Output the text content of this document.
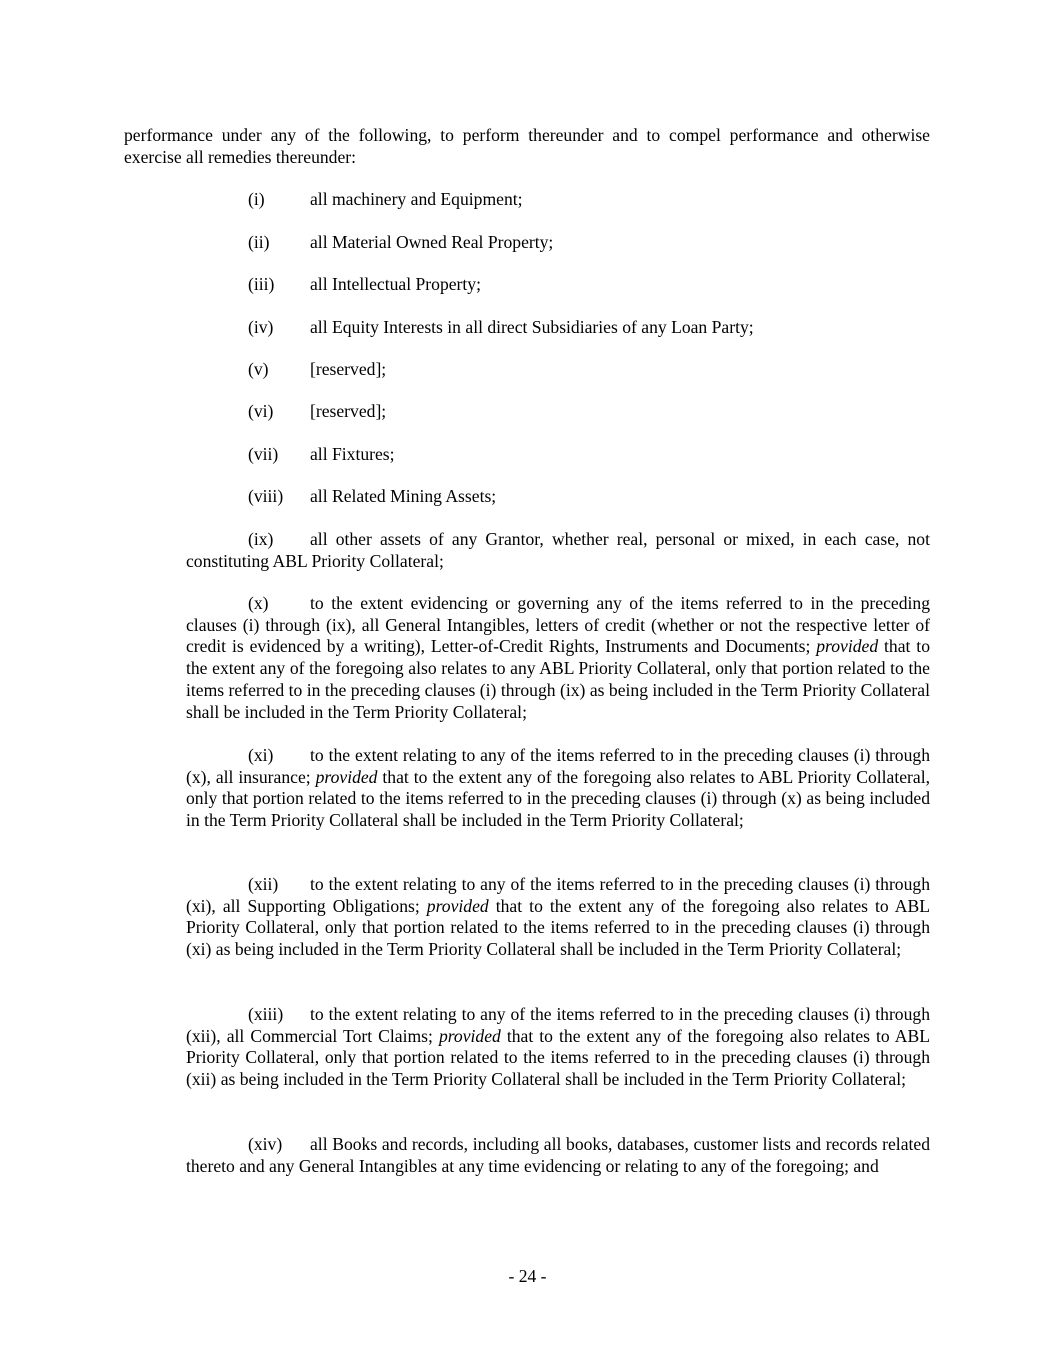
performance under any of the following, to perform thereunder and to compel performance and otherwise exercise all remedies thereunder:

(i)	all machinery and Equipment;

(ii) all Material Owned Real Property;

(iii) all Intellectual Property;

(iv) all Equity Interests in all direct Subsidiaries of any Loan Party;

(v) [reserved];

(vi) [reserved];

(vii) all Fixtures;

(viii) all Related Mining Assets;

(ix) all other assets of any Grantor, whether real, personal or mixed, in each case, not constituting ABL Priority Collateral;

(x) to the extent evidencing or governing any of the items referred to in the preceding clauses (i) through (ix), all General Intangibles, letters of credit (whether or not the respective letter of credit is evidenced by a writing), Letter-of-Credit Rights, Instruments and Documents; provided that to the extent any of the foregoing also relates to any ABL Priority Collateral, only that portion related to the items referred to in the preceding clauses (i) through (ix) as being included in the Term Priority Collateral shall be included in the Term Priority Collateral;

(xi) to the extent relating to any of the items referred to in the preceding clauses (i) through (x), all insurance; provided that to the extent any of the foregoing also relates to ABL Priority Collateral, only that portion related to the items referred to in the preceding clauses (i) through (x) as being included in the Term Priority Collateral shall be included in the Term Priority Collateral;

(xii) to the extent relating to any of the items referred to in the preceding clauses (i) through (xi), all Supporting Obligations; provided that to the extent any of the foregoing also relates to ABL Priority Collateral, only that portion related to the items referred to in the preceding clauses (i) through (xi) as being included in the Term Priority Collateral shall be included in the Term Priority Collateral;

(xiii) to the extent relating to any of the items referred to in the preceding clauses (i) through (xii), all Commercial Tort Claims; provided that to the extent any of the foregoing also relates to ABL Priority Collateral, only that portion related to the items referred to in the preceding clauses (i) through (xii) as being included in the Term Priority Collateral shall be included in the Term Priority Collateral;

(xiv) all Books and records, including all books, databases, customer lists and records related thereto and any General Intangibles at any time evidencing or relating to any of the foregoing; and

- 24 -
